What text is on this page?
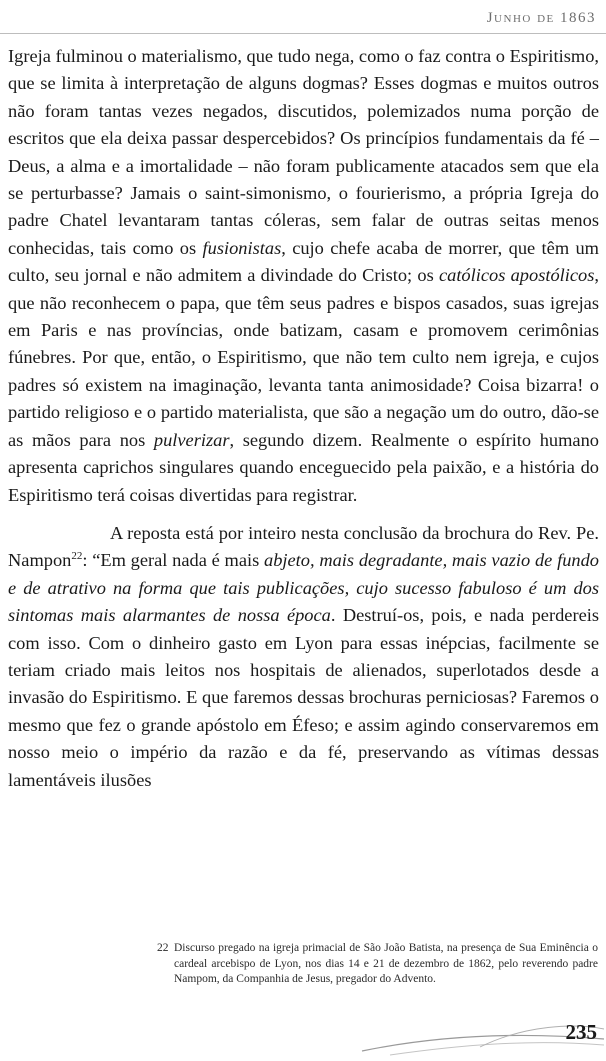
Junho de 1863

Igreja fulminou o materialismo, que tudo nega, como o faz contra o Espiritismo, que se limita à interpretação de alguns dogmas? Esses dogmas e muitos outros não foram tantas vezes negados, discutidos, polemizados numa porção de escritos que ela deixa passar despercebidos? Os princípios fundamentais da fé – Deus, a alma e a imortalidade – não foram publicamente atacados sem que ela se perturbasse? Jamais o saint-simonismo, o fourierismo, a própria Igreja do padre Chatel levantaram tantas cóleras, sem falar de outras seitas menos conhecidas, tais como os fusionistas, cujo chefe acaba de morrer, que têm um culto, seu jornal e não admitem a divindade do Cristo; os católicos apostólicos, que não reconhecem o papa, que têm seus padres e bispos casados, suas igrejas em Paris e nas províncias, onde batizam, casam e promovem cerimônias fúnebres. Por que, então, o Espiritismo, que não tem culto nem igreja, e cujos padres só existem na imaginação, levanta tanta animosidade? Coisa bizarra! o partido religioso e o partido materialista, que são a negação um do outro, dão-se as mãos para nos pulverizar, segundo dizem. Realmente o espírito humano apresenta caprichos singulares quando enceguecido pela paixão, e a história do Espiritismo terá coisas divertidas para registrar.

A reposta está por inteiro nesta conclusão da brochura do Rev. Pe. Nampon$^{22}$: “Em geral nada é mais abjeto, mais degradante, mais vazio de fundo e de atrativo na forma que tais publicações, cujo sucesso fabuloso é um dos sintomas mais alarmantes de nossa época. Destruí-os, pois, e nada perdereis com isso. Com o dinheiro gasto em Lyon para essas inépcias, facilmente se teriam criado mais leitos nos hospitais de alienados, superlotados desde a invasão do Espiritismo. E que faremos dessas brochuras perniciosas? Faremos o mesmo que fez o grande apóstolo em Éfeso; e assim agindo conservaremos em nosso meio o império da razão e da fé, preservando as vítimas dessas lamentáveis ilusões

22 Discurso pregado na igreja primacial de São João Batista, na presença de Sua Eminência o cardeal arcebispo de Lyon, nos dias 14 e 21 de dezembro de 1862, pelo reverendo padre Nampom, da Companhia de Jesus, pregador do Advento.
235
